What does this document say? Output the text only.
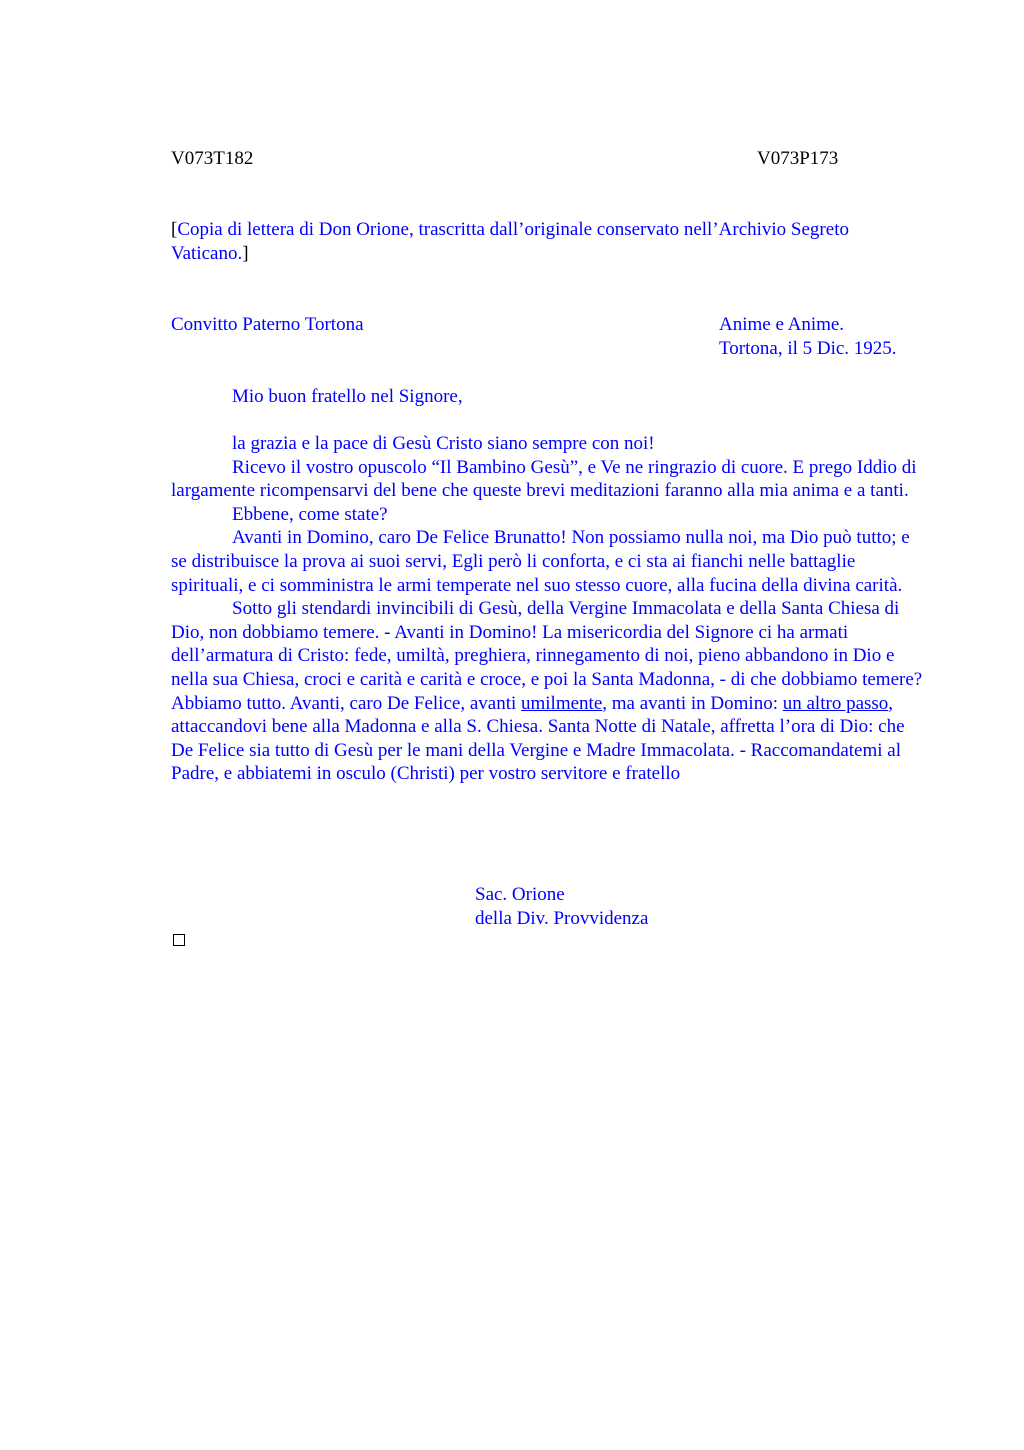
V073T182	V073P173

[Copia di lettera di Don Orione, trascritta dall’originale conservato nell’Archivio Segreto Vaticano.]

Convitto Paterno Tortona	Anime e Anime.
Tortona, il 5 Dic. 1925.
Mio buon fratello nel Signore,

la grazia e la pace di Gesù Cristo siano sempre con noi!

Ricevo il vostro opuscolo “Il Bambino Gesù”, e Ve ne ringrazio di cuore. E prego Iddio di largamente ricompensarvi del bene che queste brevi meditazioni faranno alla mia anima e a tanti.

Ebbene, come state?

Avanti in Domino, caro De Felice Brunatto! Non possiamo nulla noi, ma Dio può tutto; e se distribuisce la prova ai suoi servi, Egli però li conforta, e ci sta ai fianchi nelle battaglie spirituali, e ci somministra le armi temperate nel suo stesso cuore, alla fucina della divina carità.

Sotto gli stendardi invincibili di Gesù, della Vergine Immacolata e della Santa Chiesa di Dio, non dobbiamo temere. - Avanti in Domino! La misericordia del Signore ci ha armati dell’armatura di Cristo: fede, umiltà, preghiera, rinnegamento di noi, pieno abbandono in Dio e nella sua Chiesa, croci e carità e carità e croce, e poi la Santa Madonna, - di che dobbiamo temere? Abbiamo tutto. Avanti, caro De Felice, avanti umilmente, ma avanti in Domino: un altro passo, attaccandovi bene alla Madonna e alla S. Chiesa. Santa Notte di Natale, affretta l’ora di Dio: che De Felice sia tutto di Gesù per le mani della Vergine e Madre Immacolata. - Raccomandatemi al Padre, e abbiatemi in osculo (Christi) per vostro servitore e fratello

Sac. Orione
della Div. Provvidenza
